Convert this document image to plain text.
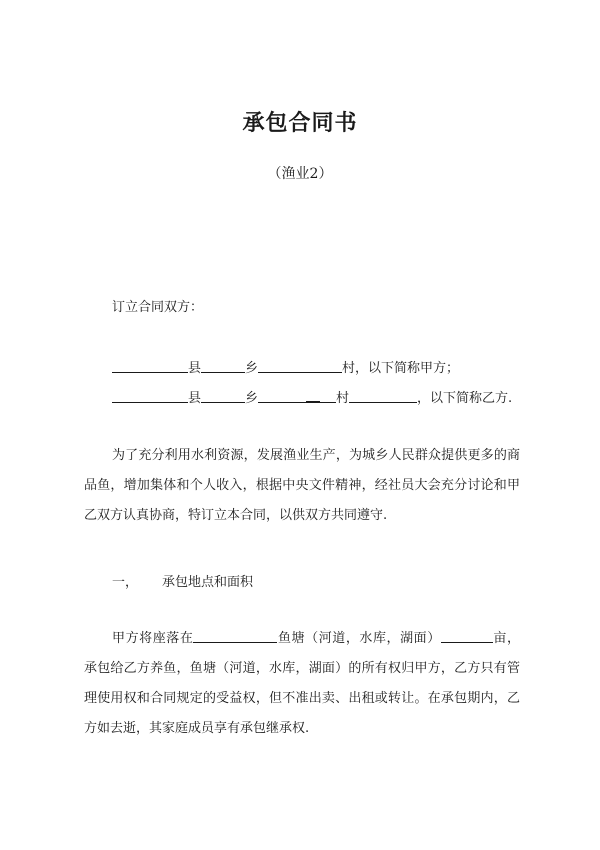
承包合同书
（渔业2）
订立合同双方：
县	乡	村，以下简称甲方；
县	乡	村	，以下简称乙方.
为了充分利用水利资源，发展渔业生产，为城乡人民群众提供更多的商品鱼，增加集体和个人收入，根据中央文件精神，经社员大会充分讨论和甲乙双方认真协商，特订立本合同，以供双方共同遵守.
一， 承包地点和面积
甲方将座落在	鱼塘（河道，水库，湖面）	亩，承包给乙方养鱼，鱼塘（河道，水库，湖面）的所有权归甲方，乙方只有管理使用权和合同规定的受益权，但不准出卖、出租或转让。在承包期内，乙方如去逝，其家庭成员享有承包继承权.
